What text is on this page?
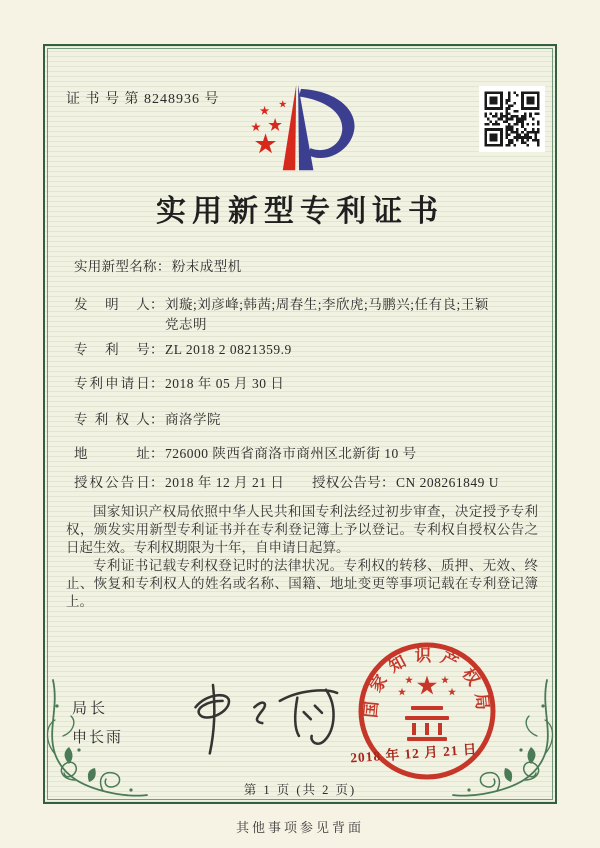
证 书 号 第 8248936 号
实用新型专利证书
实用新型名称：粉末成型机
发明人：刘璇;刘彦峰;韩茜;周春生;李欣虎;马鹏兴;任有良;王颖
党志明
专利号：ZL 2018 2 0821359.9
专利申请日：2018 年 05 月 30 日
专利权人：商洛学院
地址：726000 陕西省商洛市商州区北新街 10 号
授权公告日：2018 年 12 月 21 日 授权公告号：CN 208261849 U

国家知识产权局依照中华人民共和国专利法经过初步审查，决定授予专利权，颁发实用新型专利证书并在专利登记簿上予以登记。专利权自授权公告之日起生效。专利权期限为十年，自申请日起算。

专利证书记载专利权登记时的法律状况。专利权的转移、质押、无效、终止、恢复和专利权人的姓名或名称、国籍、地址变更等事项记载在专利登记簿上。

局长
申长雨
国家知识产权局
2018 年 12 月 21 日
第 1 页 (共 2 页)
其他事项参见背面
